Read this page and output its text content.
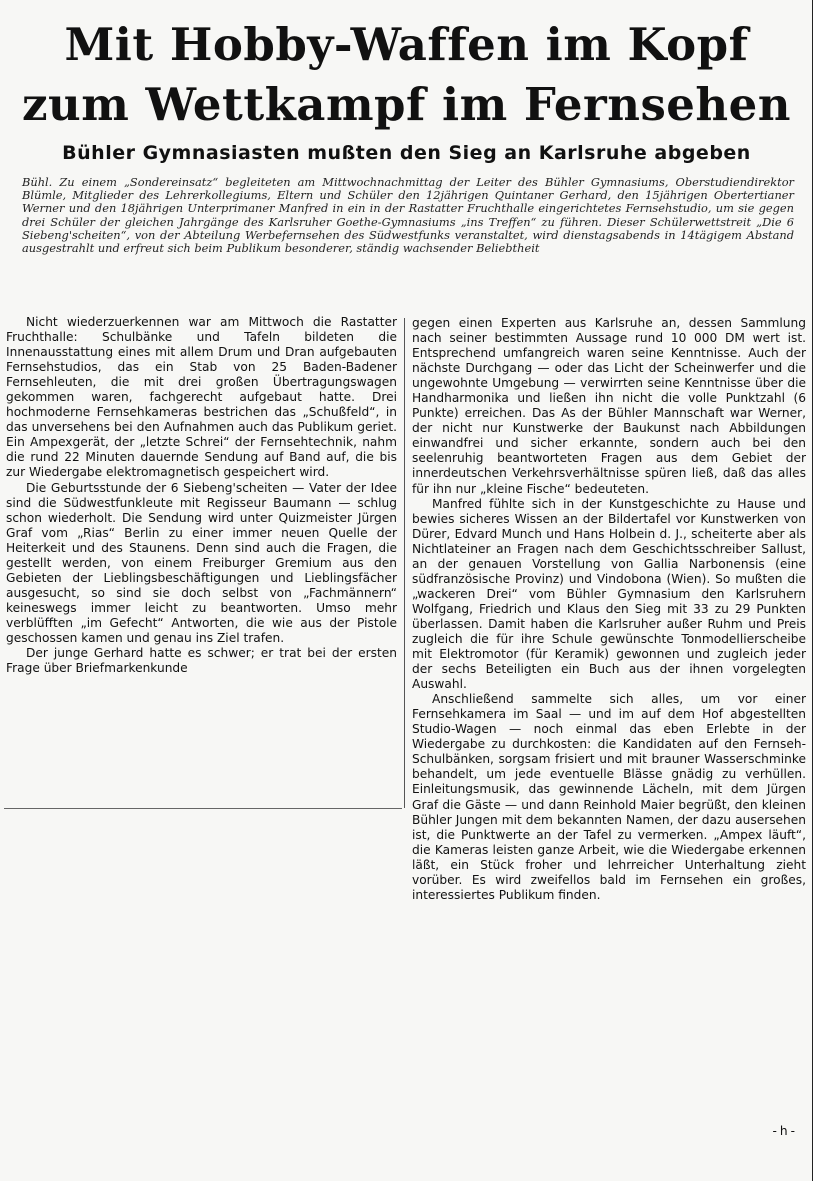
Mit Hobby-Waffen im Kopf
zum Wettkampf im Fernsehen
Bühler Gymnasiasten mußten den Sieg an Karlsruhe abgeben

Bühl. Zu einem „Sondereinsatz“ begleiteten am Mittwochnachmittag der Leiter des Bühler Gymnasiums, Oberstudiendirektor Blümle, Mitglieder des Lehrerkollegiums, Eltern und Schüler den 12jährigen Quintaner Gerhard, den 15jährigen Obertertianer Werner und den 18jährigen Unterprimaner Manfred in ein in der Rastatter Fruchthalle eingerichtetes Fernsehstudio, um sie gegen drei Schüler der gleichen Jahrgänge des Karlsruher Goethe-Gymnasiums „ins Treffen“ zu führen. Dieser Schülerwettstreit „Die 6 Siebeng'scheiten“, von der Abteilung Werbefernsehen des Südwestfunks veranstaltet, wird dienstagsabends in 14tägigem Abstand ausgestrahlt und erfreut sich beim Publikum besonderer, ständig wachsender Beliebtheit

Nicht wiederzuerkennen war am Mittwoch die Rastatter Fruchthalle: Schulbänke und Tafeln bildeten die Innenausstattung eines mit allem Drum und Dran aufgebauten Fernsehstudios, das ein Stab von 25 Baden-Badener Fernsehleuten, die mit drei großen Übertragungswagen gekommen waren, fachgerecht aufgebaut hatte. Drei hochmoderne Fernsehkameras bestrichen das „Schußfeld“, in das unversehens bei den Aufnahmen auch das Publikum geriet. Ein Ampexgerät, der „letzte Schrei“ der Fernsehtechnik, nahm die rund 22 Minuten dauernde Sendung auf Band auf, die bis zur Wiedergabe elektromagnetisch gespeichert wird.

Die Geburtsstunde der 6 Siebeng'scheiten — Vater der Idee sind die Südwestfunkleute mit Regisseur Baumann — schlug schon wiederholt. Die Sendung wird unter Quizmeister Jürgen Graf vom „Rias“ Berlin zu einer immer neuen Quelle der Heiterkeit und des Staunens. Denn sind auch die Fragen, die gestellt werden, von einem Freiburger Gremium aus den Gebieten der Lieblingsbeschäftigungen und Lieblingsfächer ausgesucht, so sind sie doch selbst von „Fachmännern“ keineswegs immer leicht zu beantworten. Umso mehr verblüfften „im Gefecht“ Antworten, die wie aus der Pistole geschossen kamen und genau ins Ziel trafen.

Der junge Gerhard hatte es schwer; er trat bei der ersten Frage über Briefmarkenkunde

gegen einen Experten aus Karlsruhe an, dessen Sammlung nach seiner bestimmten Aussage rund 10 000 DM wert ist. Entsprechend umfangreich waren seine Kenntnisse. Auch der nächste Durchgang — oder das Licht der Scheinwerfer und die ungewohnte Umgebung — verwirrten seine Kenntnisse über die Handharmonika und ließen ihn nicht die volle Punktzahl (6 Punkte) erreichen. Das As der Bühler Mannschaft war Werner, der nicht nur Kunstwerke der Baukunst nach Abbildungen einwandfrei und sicher erkannte, sondern auch bei den seelenruhig beantworteten Fragen aus dem Gebiet der innerdeutschen Verkehrsverhältnisse spüren ließ, daß das alles für ihn nur „kleine Fische“ bedeuteten.

Manfred fühlte sich in der Kunstgeschichte zu Hause und bewies sicheres Wissen an der Bildertafel vor Kunstwerken von Dürer, Edvard Munch und Hans Holbein d. J., scheiterte aber als Nichtlateiner an Fragen nach dem Geschichtsschreiber Sallust, an der genauen Vorstellung von Gallia Narbonensis (eine südfranzösische Provinz) und Vindobona (Wien). So mußten die „wackeren Drei“ vom Bühler Gymnasium den Karlsruhern Wolfgang, Friedrich und Klaus den Sieg mit 33 zu 29 Punkten überlassen. Damit haben die Karlsruher außer Ruhm und Preis zugleich die für ihre Schule gewünschte Tonmodellierscheibe mit Elektromotor (für Keramik) gewonnen und zugleich jeder der sechs Beteiligten ein Buch aus der ihnen vorgelegten Auswahl.

Anschließend sammelte sich alles, um vor einer Fernsehkamera im Saal — und im auf dem Hof abgestellten Studio-Wagen — noch einmal das eben Erlebte in der Wiedergabe zu durchkosten: die Kandidaten auf den Fernseh-Schulbänken, sorgsam frisiert und mit brauner Wasserschminke behandelt, um jede eventuelle Blässe gnädig zu verhüllen. Einleitungsmusik, das gewinnende Lächeln, mit dem Jürgen Graf die Gäste — und dann Reinhold Maier begrüßt, den kleinen Bühler Jungen mit dem bekannten Namen, der dazu ausersehen ist, die Punktwerte an der Tafel zu vermerken. „Ampex läuft“, die Kameras leisten ganze Arbeit, wie die Wiedergabe erkennen läßt, ein Stück froher und lehrreicher Unterhaltung zieht vorüber. Es wird zweifellos bald im Fernsehen ein großes, interessiertes Publikum finden.

-h-
